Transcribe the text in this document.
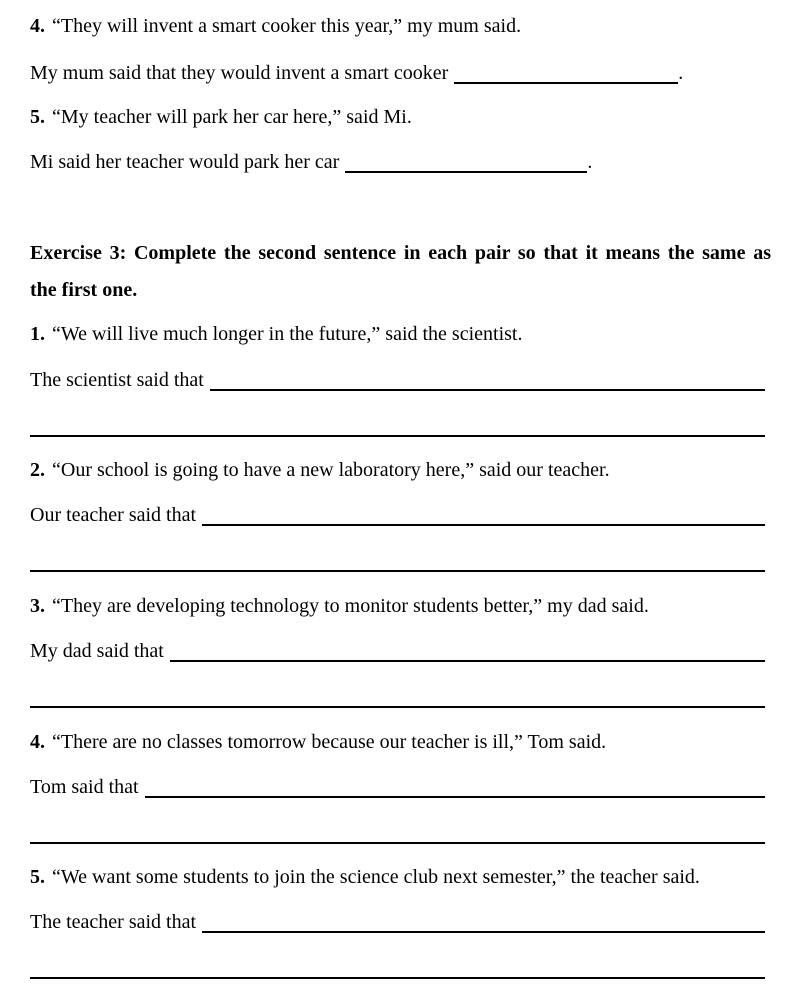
4. “They will invent a smart cooker this year,” my mum said.
My mum said that they would invent a smart cooker	.
5. “My teacher will park her car here,” said Mi.
Mi said her teacher would park her car	.
Exercise 3: Complete the second sentence in each pair so that it means the same as
the first one.
1. “We will live much longer in the future,” said the scientist.
The scientist said that
2. “Our school is going to have a new laboratory here,” said our teacher.
Our teacher said that
3. “They are developing technology to monitor students better,” my dad said.
My dad said that
4. “There are no classes tomorrow because our teacher is ill,” Tom said.
Tom said that
5. “We want some students to join the science club next semester,” the teacher said.
The teacher said that
